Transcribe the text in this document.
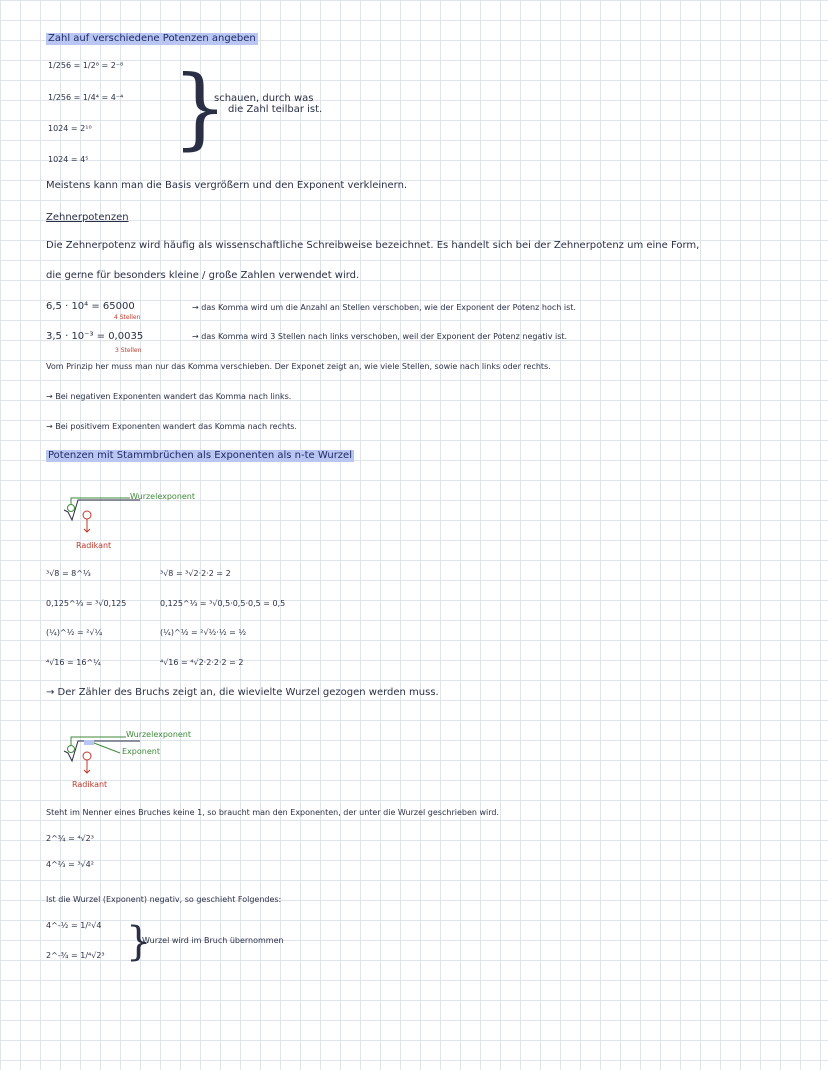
Zahl auf verschiedene Potenzen angeben
1/256 = 1/2⁸ = 2⁻⁸
1/256 = 1/4⁴ = 4⁻⁴
1024 = 2¹⁰
1024 = 4⁵
}
schauen, durch was
die Zahl teilbar ist.
Meistens kann man die Basis vergrößern und den Exponent verkleinern.
Zehnerpotenzen
Die Zehnerpotenz wird häufig als wissenschaftliche Schreibweise bezeichnet. Es handelt sich bei der Zehnerpotenz um eine Form,
die gerne für besonders kleine / große Zahlen verwendet wird.
6,5 · 10⁴ = 65000
4 Stellen
→ das Komma wird um die Anzahl an Stellen verschoben, wie der Exponent der Potenz hoch ist.
3,5 · 10⁻³ = 0,0035
3 Stellen
→ das Komma wird 3 Stellen nach links verschoben, weil der Exponent der Potenz negativ ist.
Vom Prinzip her muss man nur das Komma verschieben. Der Exponet zeigt an, wie viele Stellen, sowie nach links oder rechts.
→ Bei negativen Exponenten wandert das Komma nach links.
→ Bei positivem Exponenten wandert das Komma nach rechts.
Potenzen mit Stammbrüchen als Exponenten als n-te Wurzel
Wurzelexponent
Radikant
³√8 = 8^⅓	³√8 = ³√2·2·2 = 2
0,125^⅓ = ³√0,125	0,125^⅓ = ³√0,5·0,5·0,5 = 0,5
(¼)^½ = ²√¼	(¼)^½ = ²√½·½ = ½
⁴√16 = 16^¼	⁴√16 = ⁴√2·2·2·2 = 2
→ Der Zähler des Bruchs zeigt an, die wievielte Wurzel gezogen werden muss.
Wurzelexponent
Exponent
Radikant
Steht im Nenner eines Bruches keine 1, so braucht man den Exponenten, der unter die Wurzel geschrieben wird.
2^¾ = ⁴√2³
4^⅔ = ³√4²
Ist die Wurzel (Exponent) negativ, so geschieht Folgendes:
4^-½ = 1/²√4
2^-¾ = 1/⁴√2³ }
Wurzel wird im Bruch übernommen
